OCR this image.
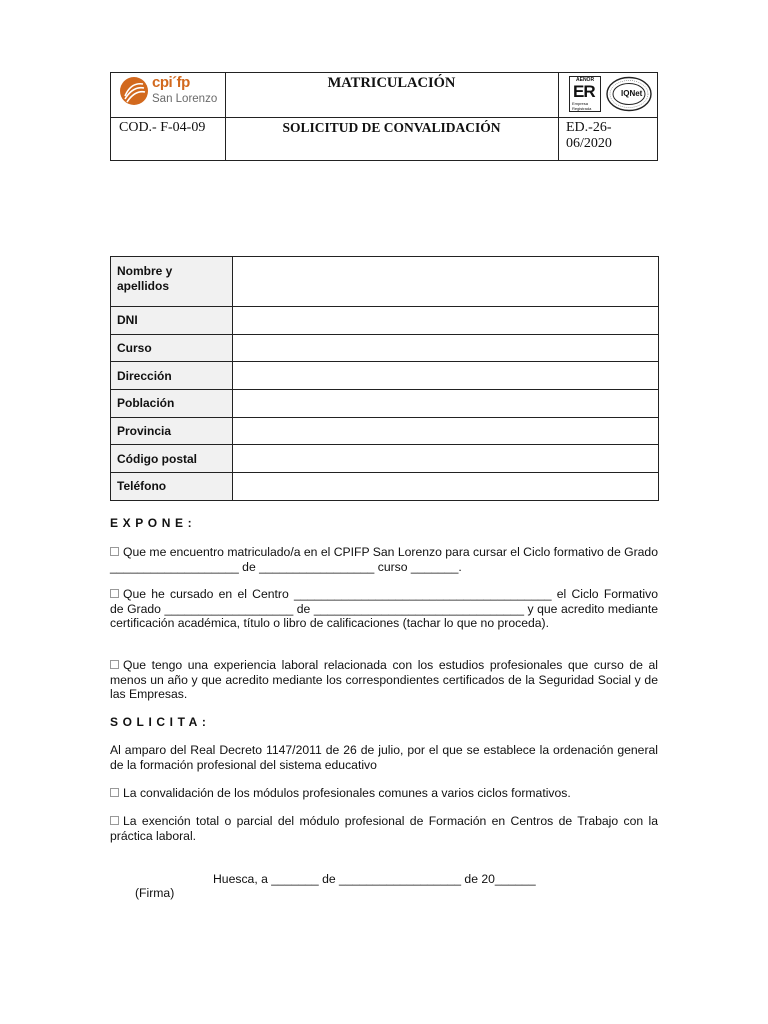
MATRICULACIÓN
COD.- F-04-09	SOLICITUD DE CONVALIDACIÓN	ED.-26-06/2020
cpi´fp
San Lorenzo
AENOR
ER
Empresa Registrada
IQNet
Nombre y apellidos	
DNI	
Curso	
Dirección	
Población	
Provincia	
Código postal	
Teléfono	
EXPONE:
Que me encuentro matriculado/a en el CPIFP San Lorenzo para cursar el Ciclo formativo de Grado ___________________ de _________________ curso _______.
Que he cursado en el Centro ______________________________________ el Ciclo Formativo de Grado ___________________ de _______________________________ y que acredito mediante certificación académica, título o libro de calificaciones (tachar lo que no proceda).
Que tengo una experiencia laboral relacionada con los estudios profesionales que curso de al menos un año y que acredito mediante los correspondientes certificados de la Seguridad Social y de las Empresas.
SOLICITA:
Al amparo del Real Decreto 1147/2011 de 26 de julio, por el que se establece la ordenación general de la formación profesional del sistema educativo
La convalidación de los módulos profesionales comunes a varios ciclos formativos.
La exención total o parcial del módulo profesional de Formación en Centros de Trabajo con la práctica laboral.
Huesca, a _______ de __________________ de 20______
(Firma)
